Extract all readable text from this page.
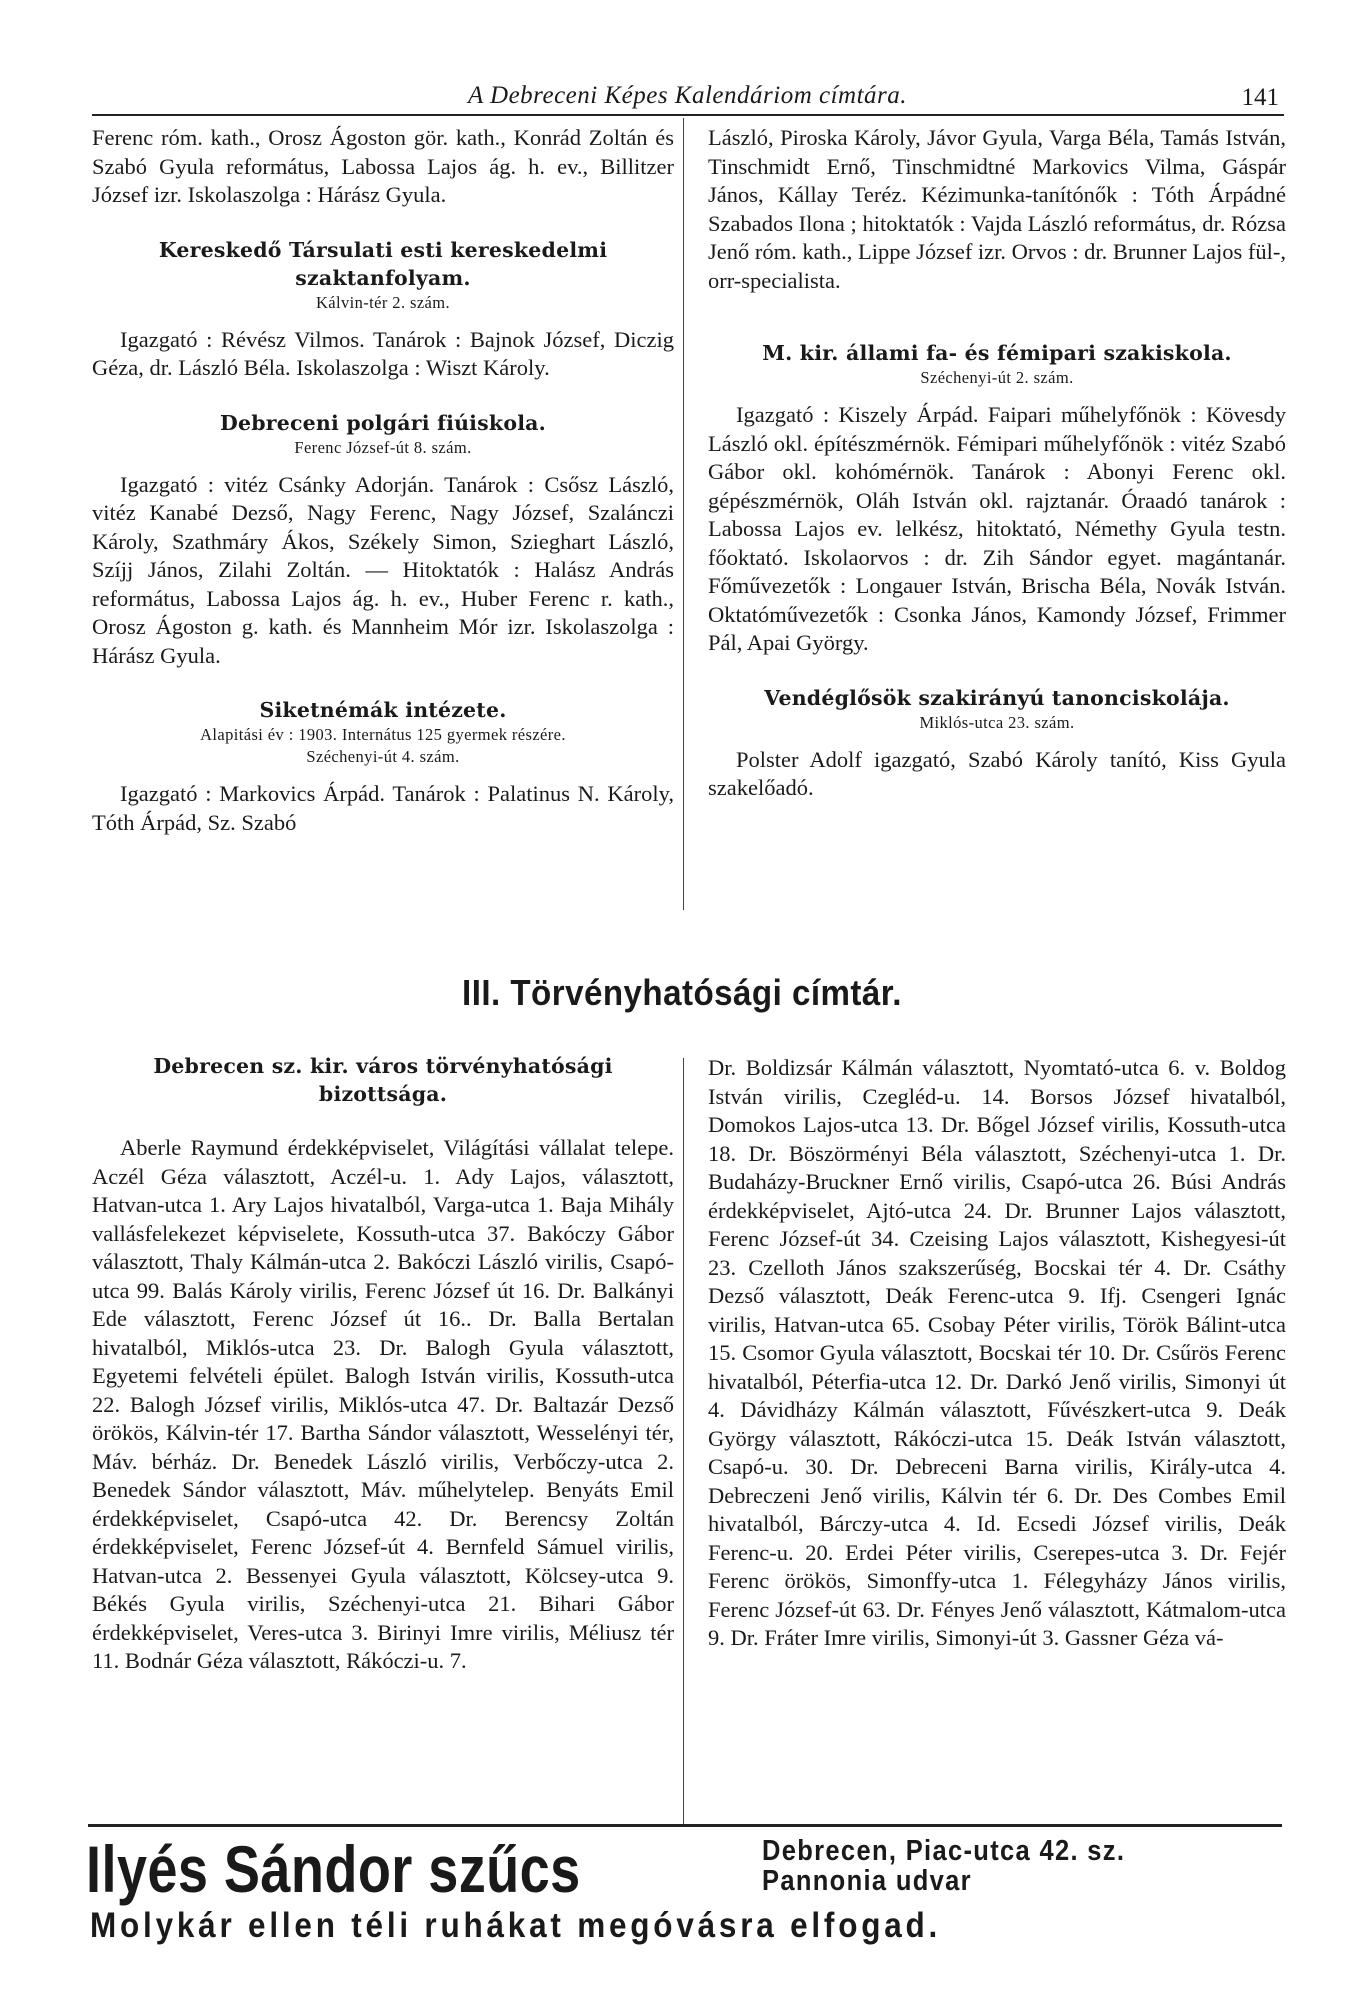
A Debreceni Képes Kalendáriom címtára.	141

Ferenc róm. kath., Orosz Ágoston gör. kath., Konrád Zoltán és Szabó Gyula református, Labossa Lajos ág. h. ev., Billitzer József izr. Iskolaszolga : Hárász Gyula.

Kereskedő Társulati esti kereskedelmi szaktanfolyam.

Kálvin-tér 2. szám.

Igazgató : Révész Vilmos. Tanárok : Bajnok József, Diczig Géza, dr. László Béla. Iskolaszolga : Wiszt Károly.

Debreceni polgári fiúiskola.

Ferenc József-út 8. szám.

Igazgató : vitéz Csánky Adorján. Tanárok : Csősz László, vitéz Kanabé Dezső, Nagy Ferenc, Nagy József, Szalánczi Károly, Szathmáry Ákos, Székely Simon, Szieghart László, Szíjj János, Zilahi Zoltán. — Hitoktatók : Halász András református, Labossa Lajos ág. h. ev., Huber Ferenc r. kath., Orosz Ágoston g. kath. és Mannheim Mór izr. Iskolaszolga : Hárász Gyula.

Siketnémák intézete.

Alapitási év : 1903. Internátus 125 gyermek részére.

Széchenyi-út 4. szám.

Igazgató : Markovics Árpád. Tanárok : Palatinus N. Károly, Tóth Árpád, Sz. Szabó

László, Piroska Károly, Jávor Gyula, Varga Béla, Tamás István, Tinschmidt Ernő, Tinschmidtné Markovics Vilma, Gáspár János, Kállay Teréz. Kézimunka-tanítónők : Tóth Árpádné Szabados Ilona ; hitoktatók : Vajda László református, dr. Rózsa Jenő róm. kath., Lippe József izr. Orvos : dr. Brunner Lajos fül-, orr-specialista.

M. kir. állami fa- és fémipari szakiskola.

Széchenyi-út 2. szám.

Igazgató : Kiszely Árpád. Faipari műhelyfőnök : Kövesdy László okl. építészmérnök. Fémipari műhelyfőnök : vitéz Szabó Gábor okl. kohómérnök. Tanárok : Abonyi Ferenc okl. gépészmérnök, Oláh István okl. rajztanár. Óraadó tanárok : Labossa Lajos ev. lelkész, hitoktató, Némethy Gyula testn. főoktató. Iskolaorvos : dr. Zih Sándor egyet. magántanár. Főművezetők : Longauer István, Brischa Béla, Novák István. Oktatóművezetők : Csonka János, Kamondy József, Frimmer Pál, Apai György.

Vendéglősök szakirányú tanonciskolája.

Miklós-utca 23. szám.

Polster Adolf igazgató, Szabó Károly tanító, Kiss Gyula szakelőadó.

III. Törvényhatósági címtár.

Debrecen sz. kir. város törvényhatósági bizottsága.

Aberle Raymund érdekképviselet, Világítási vállalat telepe. Aczél Géza választott, Aczél-u. 1. Ady Lajos, választott, Hatvan-utca 1. Ary Lajos hivatalból, Varga-utca 1. Baja Mihály vallásfelekezet képviselete, Kossuth-utca 37. Bakóczy Gábor választott, Thaly Kálmán-utca 2. Bakóczi László virilis, Csapó-utca 99. Balás Károly virilis, Ferenc József út 16. Dr. Balkányi Ede választott, Ferenc József út 16.. Dr. Balla Bertalan hivatalból, Miklós-utca 23. Dr. Balogh Gyula választott, Egyetemi felvételi épület. Balogh István virilis, Kossuth-utca 22. Balogh József virilis, Miklós-utca 47. Dr. Baltazár Dezső örökös, Kálvin-tér 17. Bartha Sándor választott, Wesselényi tér, Máv. bérház. Dr. Benedek László virilis, Verbőczy-utca 2. Benedek Sándor választott, Máv. műhelytelep. Benyáts Emil érdekképviselet, Csapó-utca 42. Dr. Berencsy Zoltán érdekképviselet, Ferenc József-út 4. Bernfeld Sámuel virilis, Hatvan-utca 2. Bessenyei Gyula választott, Kölcsey-utca 9. Békés Gyula virilis, Széchenyi-utca 21. Bihari Gábor érdekképviselet, Veres-utca 3. Birinyi Imre virilis, Méliusz tér 11. Bodnár Géza választott, Rákóczi-u. 7.

Dr. Boldizsár Kálmán választott, Nyomtató-utca 6. v. Boldog István virilis, Czegléd-u. 14. Borsos József hivatalból, Domokos Lajos-utca 13. Dr. Bőgel József virilis, Kossuth-utca 18. Dr. Böszörményi Béla választott, Széchenyi-utca 1. Dr. Budaházy-Bruckner Ernő virilis, Csapó-utca 26. Búsi András érdekképviselet, Ajtó-utca 24. Dr. Brunner Lajos választott, Ferenc József-út 34. Czeising Lajos választott, Kishegyesi-út 23. Czelloth János szakszerűség, Bocskai tér 4. Dr. Csáthy Dezső választott, Deák Ferenc-utca 9. Ifj. Csengeri Ignác virilis, Hatvan-utca 65. Csobay Péter virilis, Török Bálint-utca 15. Csomor Gyula választott, Bocskai tér 10. Dr. Csűrös Ferenc hivatalból, Péterfia-utca 12. Dr. Darkó Jenő virilis, Simonyi út 4. Dávidházy Kálmán választott, Fűvészkert-utca 9. Deák György választott, Rákóczi-utca 15. Deák István választott, Csapó-u. 30. Dr. Debreceni Barna virilis, Király-utca 4. Debreczeni Jenő virilis, Kálvin tér 6. Dr. Des Combes Emil hivatalból, Bárczy-utca 4. Id. Ecsedi József virilis, Deák Ferenc-u. 20. Erdei Péter virilis, Cserepes-utca 3. Dr. Fejér Ferenc örökös, Simonffy-utca 1. Félegyházy János virilis, Ferenc József-út 63. Dr. Fényes Jenő választott, Kátmalom-utca 9. Dr. Fráter Imre virilis, Simonyi-út 3. Gassner Géza vá-

Ilyés Sándor szűcs	Debrecen, Piac-utca 42. sz.
Pannonia udvar
Molykár ellen téli ruhákat megóvásra elfogad.
